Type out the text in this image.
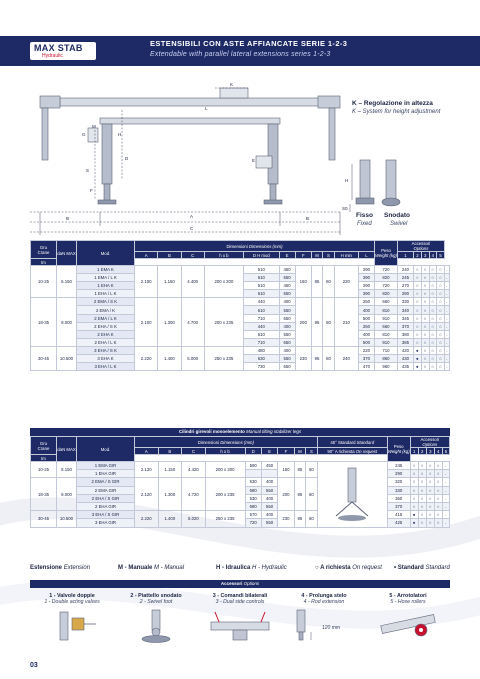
MAX STAB
Hydraulic
ESTENSIBILI CON ASTE AFFIANCATE SERIE 1-2-3
Extendable with parallel lateral extensions series 1-2-3
K
L
M
G	H
D
S
F
E
B	A	B
C
H
S0
K – Regolazione in altezza
K – System for height adjustment
Fisso
Fixed
Snodato
Swivel
Gru
Crane	daN MAX	Mod.	Dimensioni Dimensions (mm)											Peso
Weight (kg)	Accessori
Options					
			A	B	C	h x b	D H mod	E	F	M	S	H min	L		1	2	3	4	5	
tm																				
10-25	6.150	1 EMA K	2.100	1.150	4.400	200 x 200	510	450	160	85	60	220	290	720	240	○	○	○	○	.
		1 EMA / L K					610	550					390	820	245	○	○	○	○	.
		1 EHA K					510	450					290	720	270	○	○	○	○	.
		1 EHA / L K					610	550					390	820	280	○	○	○	○	.
18-35	9.000	2 EMA / S K	2.100	1.300	4.700	200 x 235	440	400	200	95	60	210	250	660	330	○	○	○	○	.
		2 EMA / K					610	550					400	810	340	○	○	○	○	.
		2 EMA / L K					710	650					500	910	345	○	○	○	○	.
		2 EHA / S K					440	400					250	660	370	○	○	○	○	.
		2 EHA K					610	550					400	810	380	○	○	○	○	.
		2 EHA / L K					710	650					500	910	385	○	○	○	○	.
30-45	10.500	3 EHA / S K	2.220	1.400	5.000	250 x 235	480	400	230	95	60	240	220	710	420	●	○	○	○	.
		3 EHA K					630	550					370	860	430	●	○	○	○	.
		3 EHA / L K					730	650					470	960	435	●	○	○	○	.
Cilindri girevoli monoelemento Manual tilting stabilizer legs
Gru
Crane	daN MAX	Mod.	Dimensioni Dimensions (mm)									45° Standard Standard	Peso
Weight (kg)	Accessori
Options				
			A	B	C	h x b	D	E	F	M	S	90° A richiesta On request		1	2	3	4	5
tm																		
10-25	6.150	1 EMA GIR	2.120	1.150	4.420	200 x 200	590	450	160	85	60		245	○	○	○	○	.
		1 EHA GIR											290	○	○	○	○	.
18-35	9.000	2 EMA / S GIR	2.120	1.300	4.720	200 x 235	530	400	200	95	60		320	○	○	○	○	.
		2 EMA GIR					680	550					330	○	○	○	○	.
		2 EHA / S GIR					530	400					360	○	○	○	○	.
		2 EHA GIR					680	550					370	○	○	○	○	.
30-45	10.500	3 EHA / S GIR	2.220	1.400	5.020	250 x 235	570	400	230	95	60		415	●	○	○	○	.
		3 EHA GIR					720	550					425	●	○	○	○	.
Estensione Extension	M - Manuale M - Manual	H - Idraulica H - Hydraulic	○ A richiesta On request • Standard Standard
Accessori Options
1 - Valvole doppie
1 - Double acting valves
2 - Piattello snodato
2 - Swivel foot
3 - Comandi bilaterali
3 - Dual side controls
4 - Prolunga stelo
4 - Rod extension
120 mm
5 - Arrotolatori
5 - Hose rollers
03
